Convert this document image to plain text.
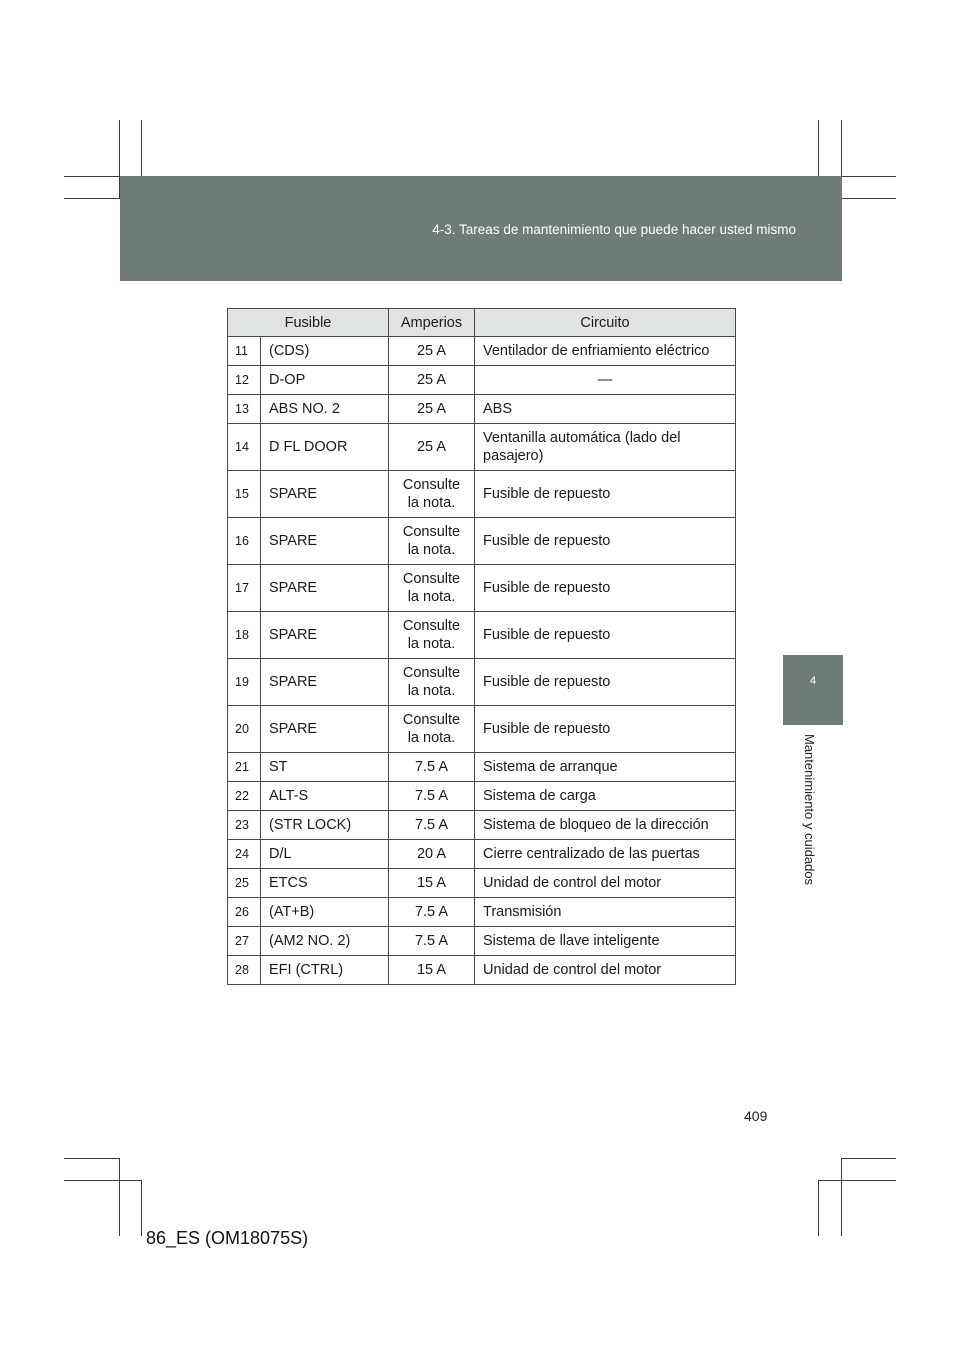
4-3. Tareas de mantenimiento que puede hacer usted mismo
4
Mantenimiento y cuidados
Fusible		Amperios	Circuito
11	(CDS)	25 A	Ventilador de enfriamiento eléctrico
12	D-OP	25 A	—
13	ABS NO. 2	25 A	ABS
14	D FL DOOR	25 A	Ventanilla automática (lado del pasajero)
15	SPARE	Consulte la nota.	Fusible de repuesto
16	SPARE	Consulte la nota.	Fusible de repuesto
17	SPARE	Consulte la nota.	Fusible de repuesto
18	SPARE	Consulte la nota.	Fusible de repuesto
19	SPARE	Consulte la nota.	Fusible de repuesto
20	SPARE	Consulte la nota.	Fusible de repuesto
21	ST	7.5 A	Sistema de arranque
22	ALT-S	7.5 A	Sistema de carga
23	(STR LOCK)	7.5 A	Sistema de bloqueo de la dirección
24	D/L	20 A	Cierre centralizado de las puertas
25	ETCS	15 A	Unidad de control del motor
26	(AT+B)	7.5 A	Transmisión
27	(AM2 NO. 2)	7.5 A	Sistema de llave inteligente
28	EFI (CTRL)	15 A	Unidad de control del motor
409
86_ES (OM18075S)
